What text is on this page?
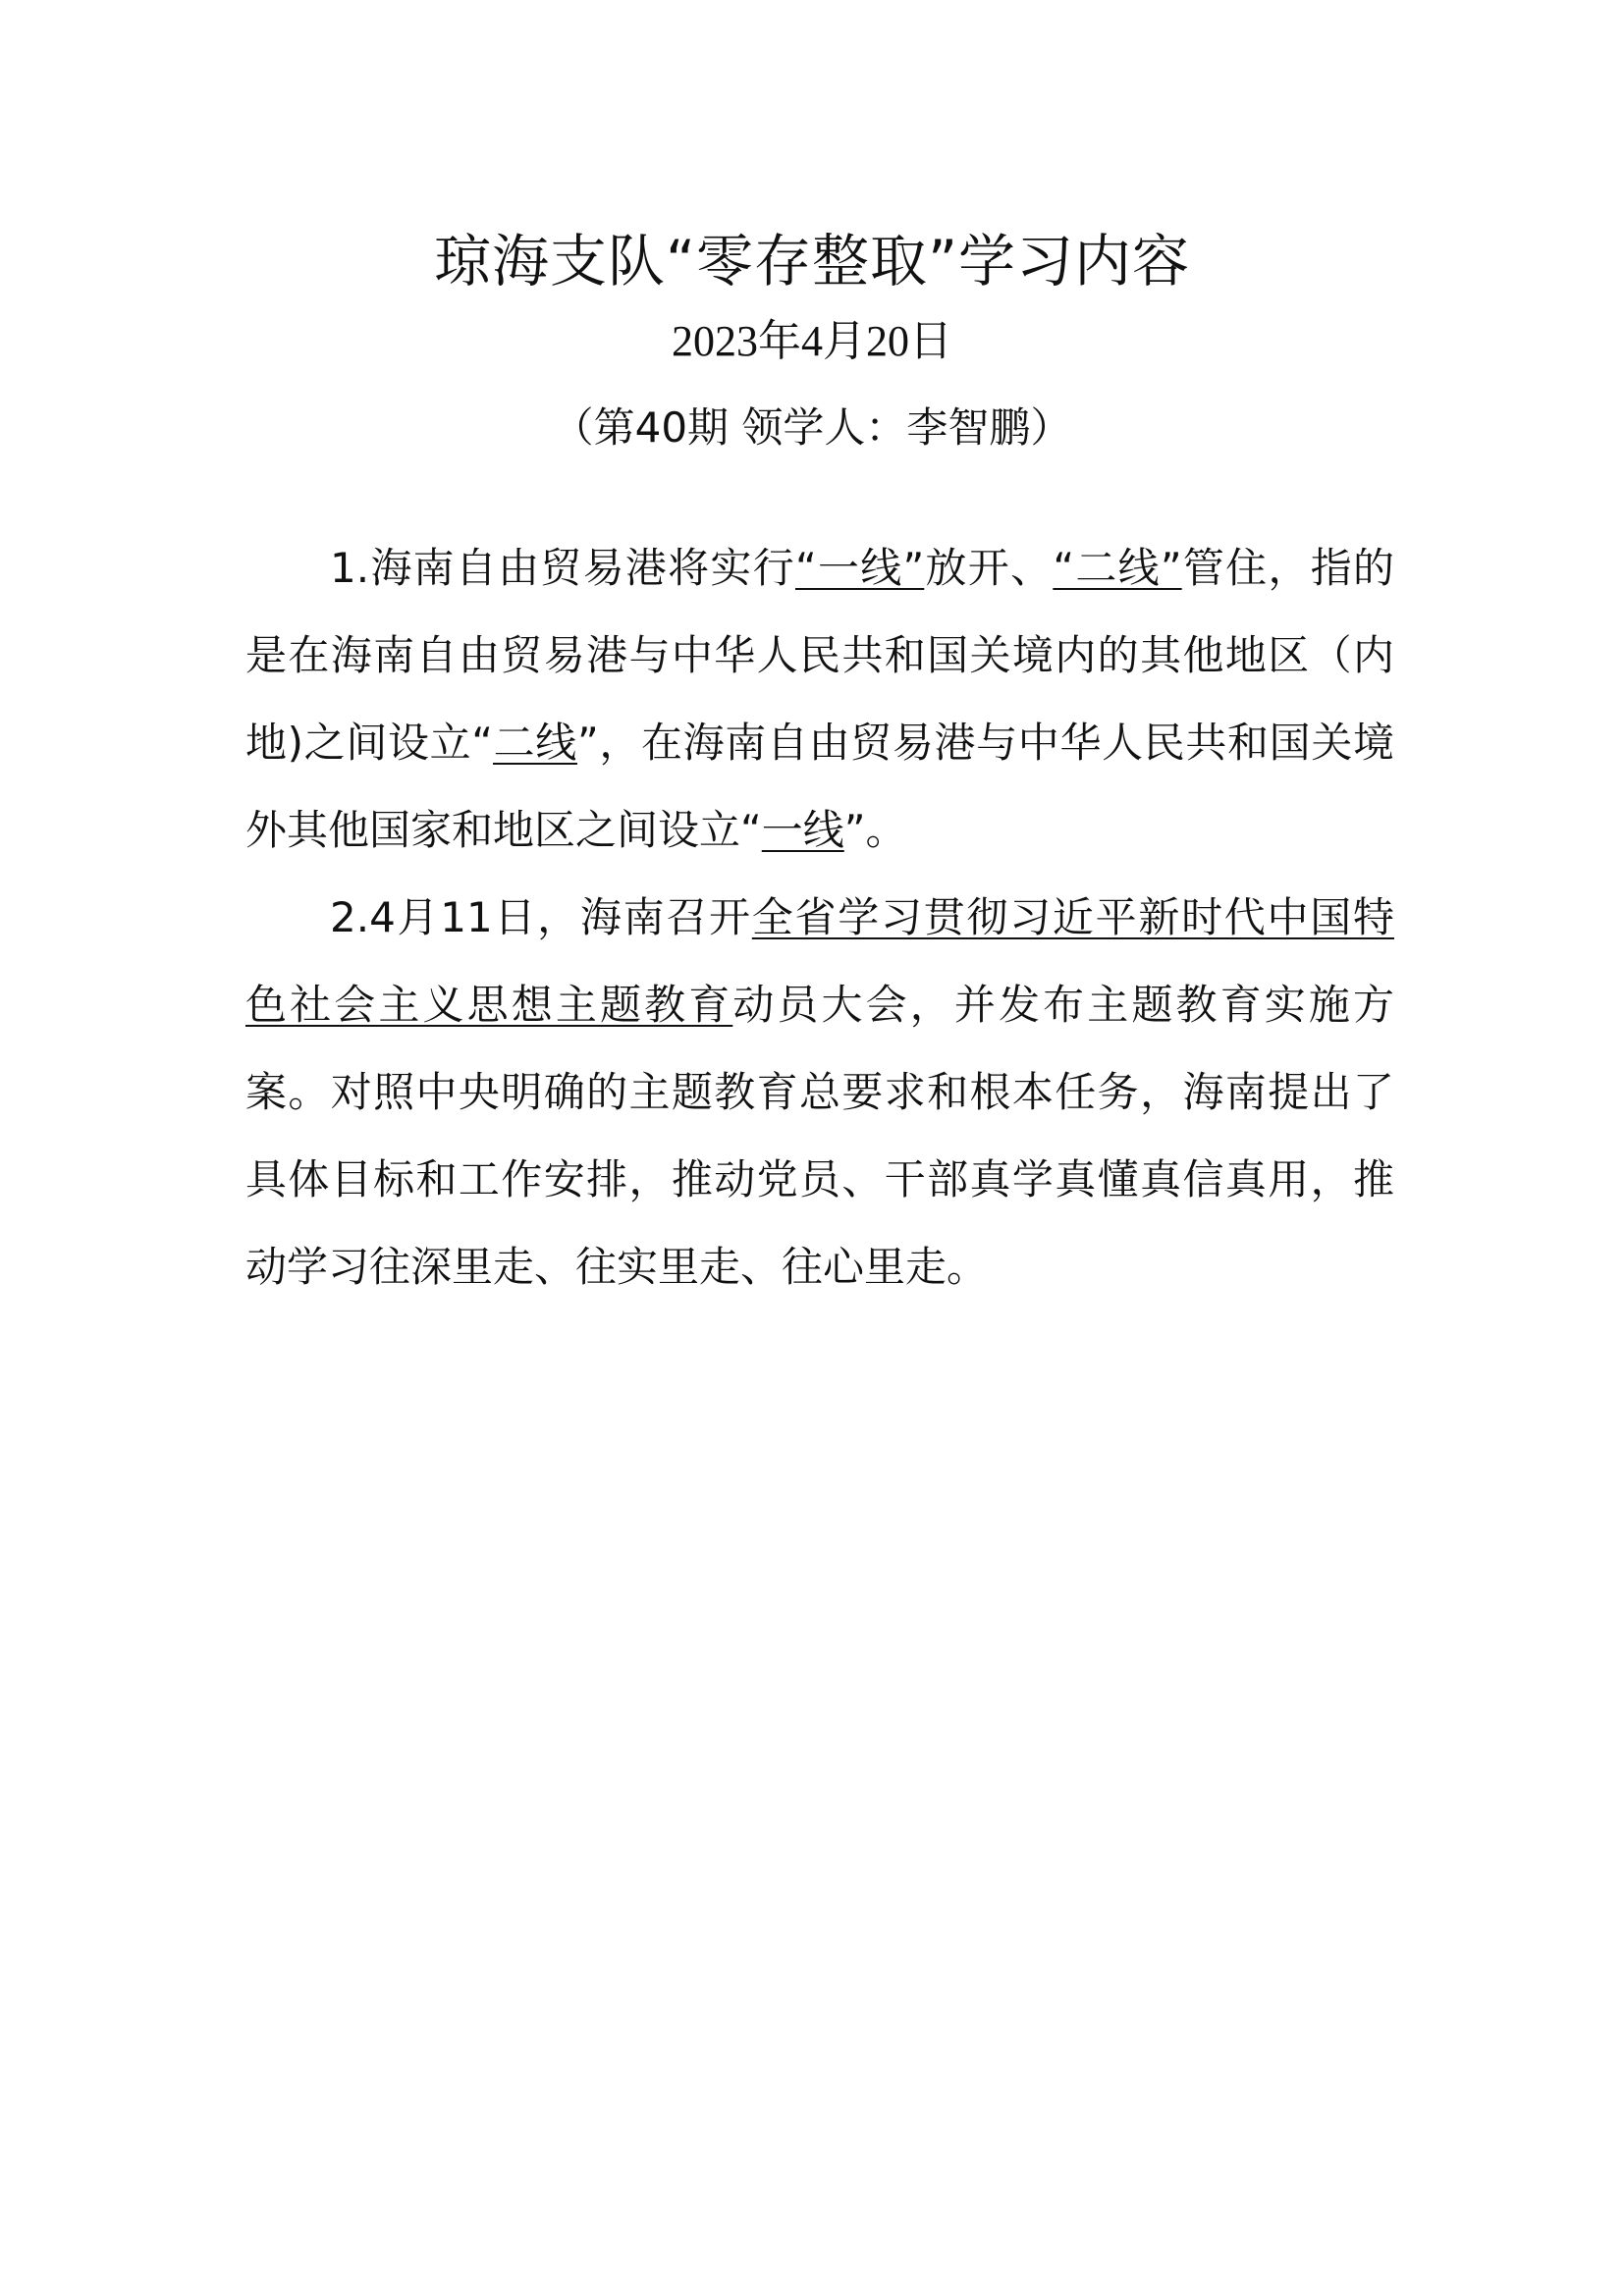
琼海支队“零存整取”学习内容
2023年4月20日
（第40期 领学人：李智鹏）

1.海南自由贸易港将实行“一线”放开、“二线”管住，指的是在海南自由贸易港与中华人民共和国关境内的其他地区（内地)之间设立“二线”，在海南自由贸易港与中华人民共和国关境外其他国家和地区之间设立“一线”。

2.4月11日，海南召开全省学习贯彻习近平新时代中国特色社会主义思想主题教育动员大会，并发布主题教育实施方案。对照中央明确的主题教育总要求和根本任务，海南提出了具体目标和工作安排，推动党员、干部真学真懂真信真用，推动学习往深里走、往实里走、往心里走。
